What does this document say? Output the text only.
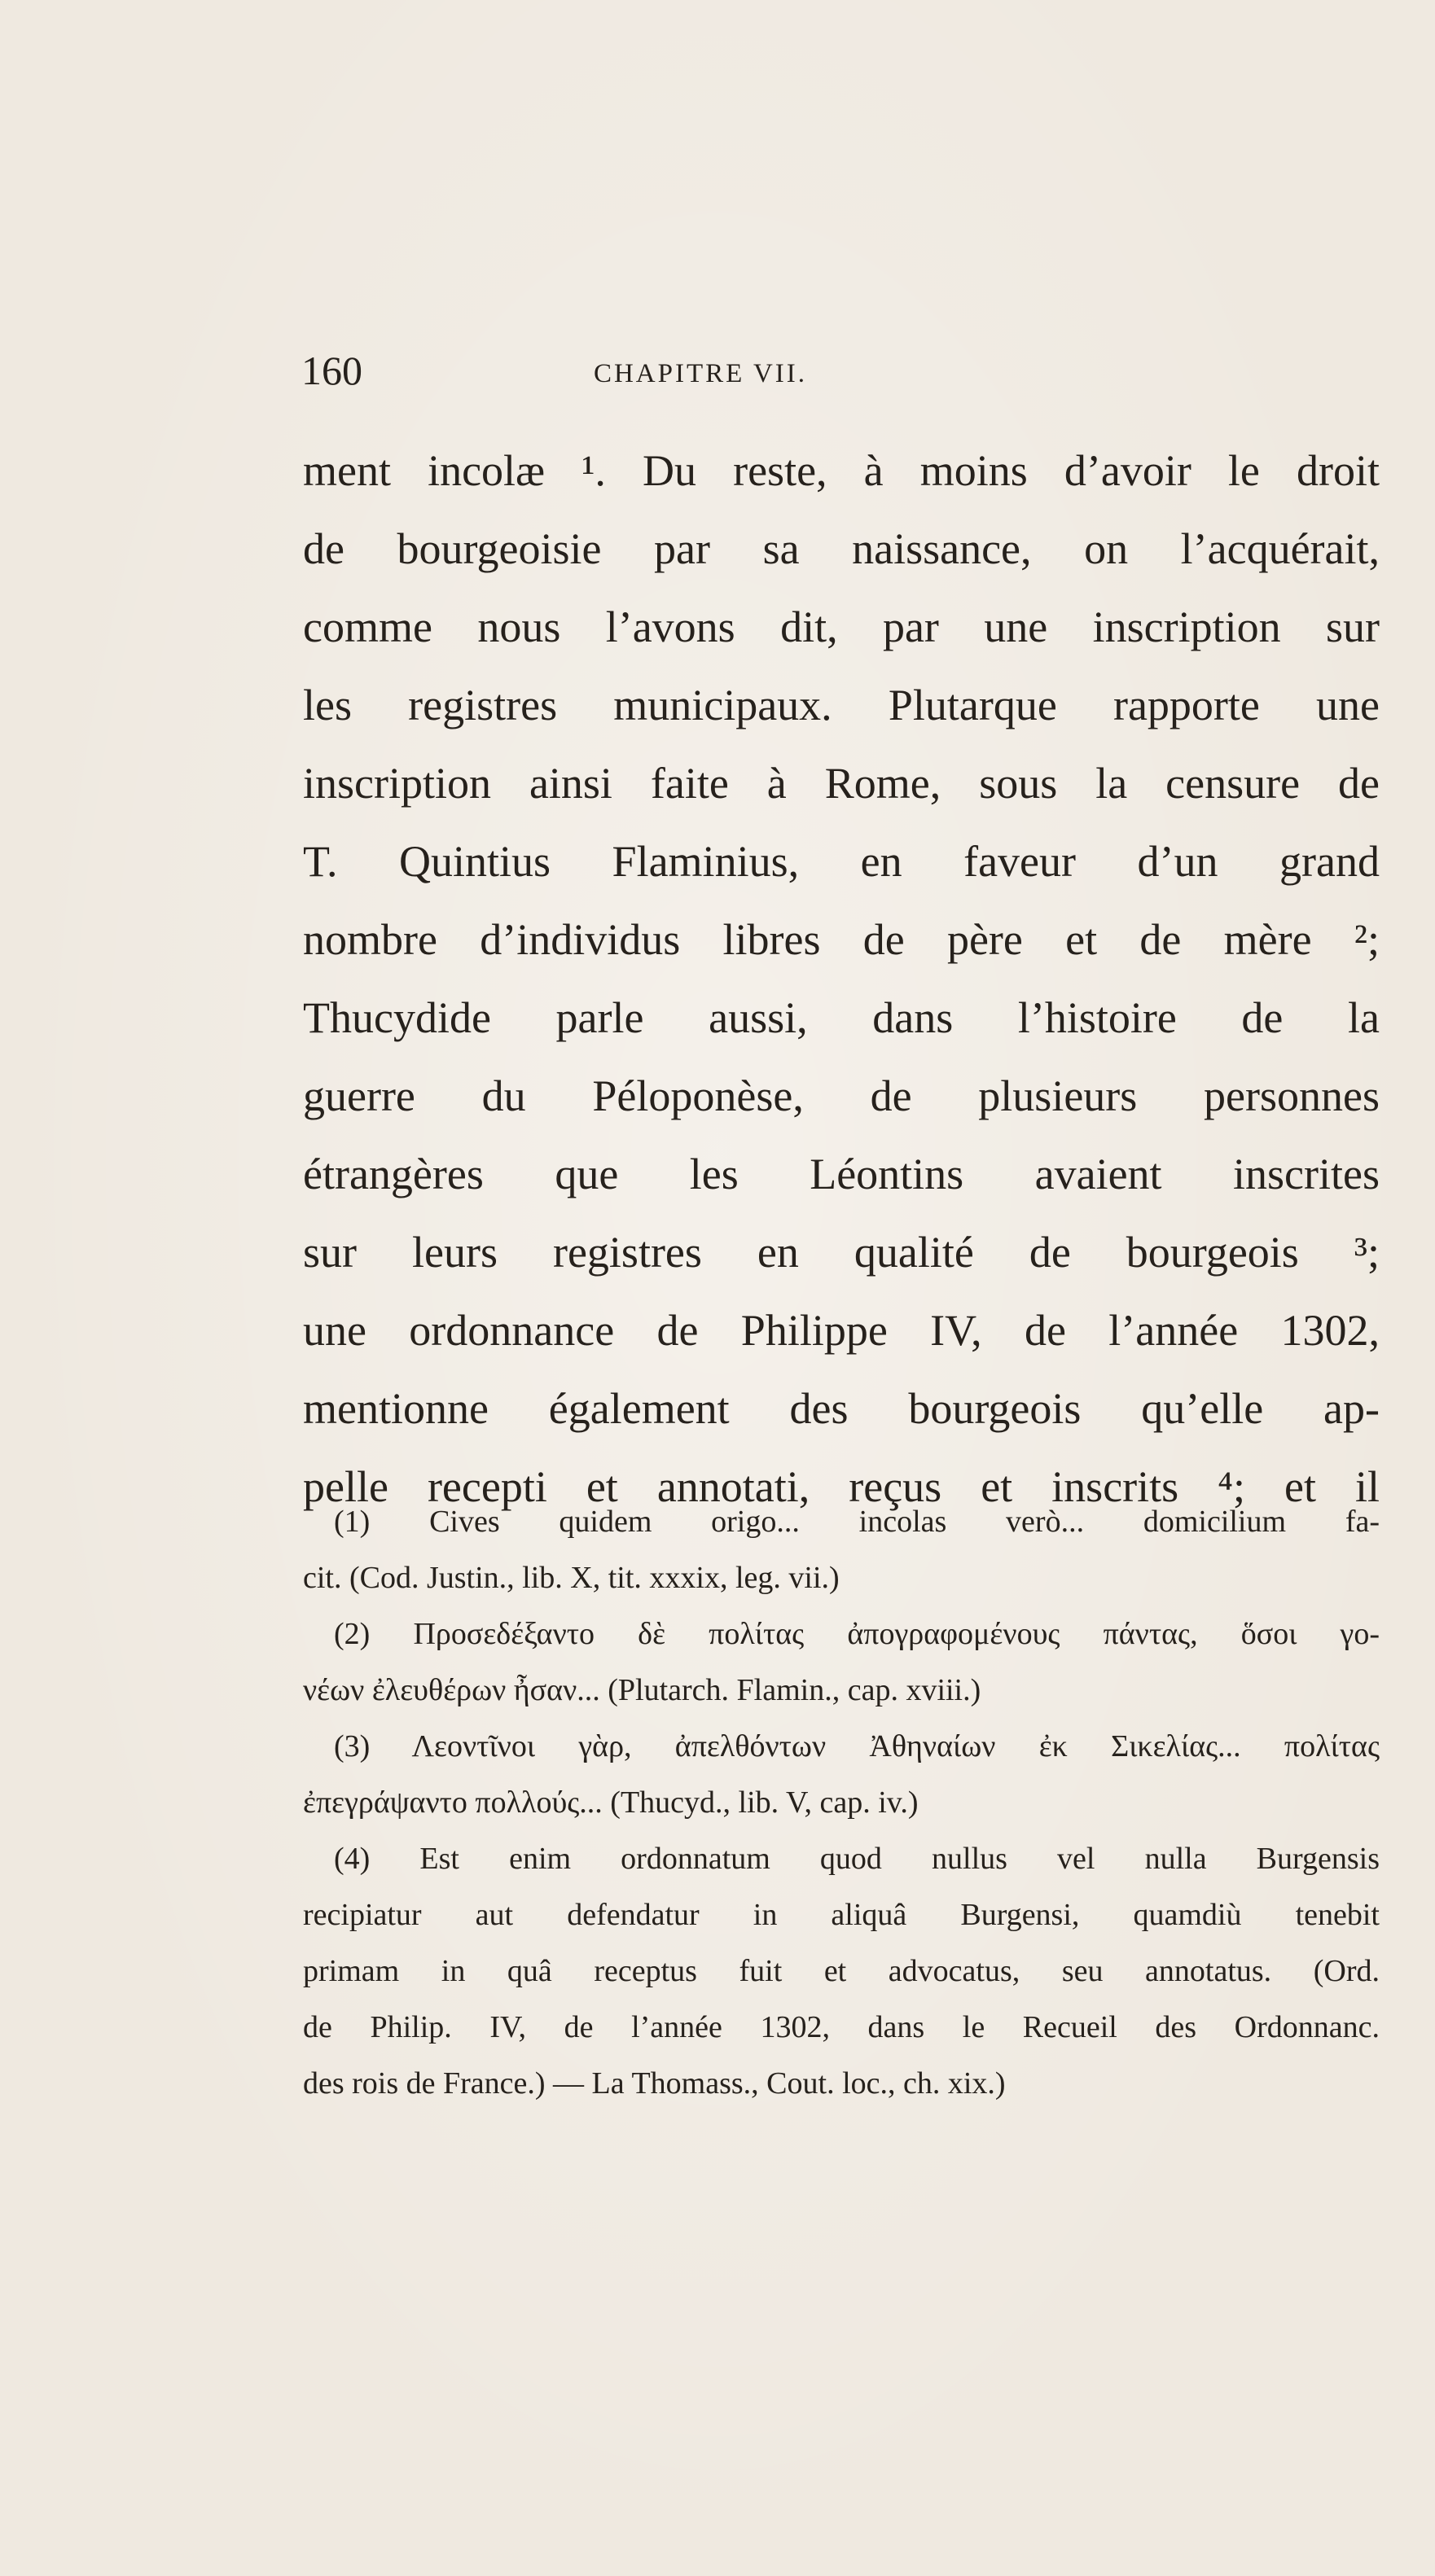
160	CHAPITRE VII.
ment incolæ ¹. Du reste, à moins d’avoir le droit
de bourgeoisie par sa naissance, on l’acquérait,
comme nous l’avons dit, par une inscription sur
les registres municipaux. Plutarque rapporte une
inscription ainsi faite à Rome, sous la censure de
T. Quintius Flaminius, en faveur d’un grand
nombre d’individus libres de père et de mère ²;
Thucydide parle aussi, dans l’histoire de la
guerre du Péloponèse, de plusieurs personnes
étrangères que les Léontins avaient inscrites
sur leurs registres en qualité de bourgeois ³;
une ordonnance de Philippe IV, de l’année 1302,
mentionne également des bourgeois qu’elle ap-
pelle recepti et annotati, reçus et inscrits ⁴; et il
(1) Cives quidem origo... incolas verò... domicilium fa-
cit. (Cod. Justin., lib. X, tit. xxxix, leg. vii.)
(2) Προσεδέξαντο δὲ πολίτας ἀπογραφομένους πάντας, ὅσοι γο-
νέων ἐλευθέρων ἦσαν... (Plutarch. Flamin., cap. xviii.)
(3) Λεοντῖνοι γὰρ, ἀπελθόντων Ἀθηναίων ἐκ Σικελίας... πολίτας
ἐπεγράψαντο πολλούς... (Thucyd., lib. V, cap. iv.)
(4) Est enim ordonnatum quod nullus vel nulla Burgensis
recipiatur aut defendatur in aliquâ Burgensi, quamdiù tenebit
primam in quâ receptus fuit et advocatus, seu annotatus. (Ord.
de Philip. IV, de l’année 1302, dans le Recueil des Ordonnanc.
des rois de France.) — La Thomass., Cout. loc., ch. xix.)
